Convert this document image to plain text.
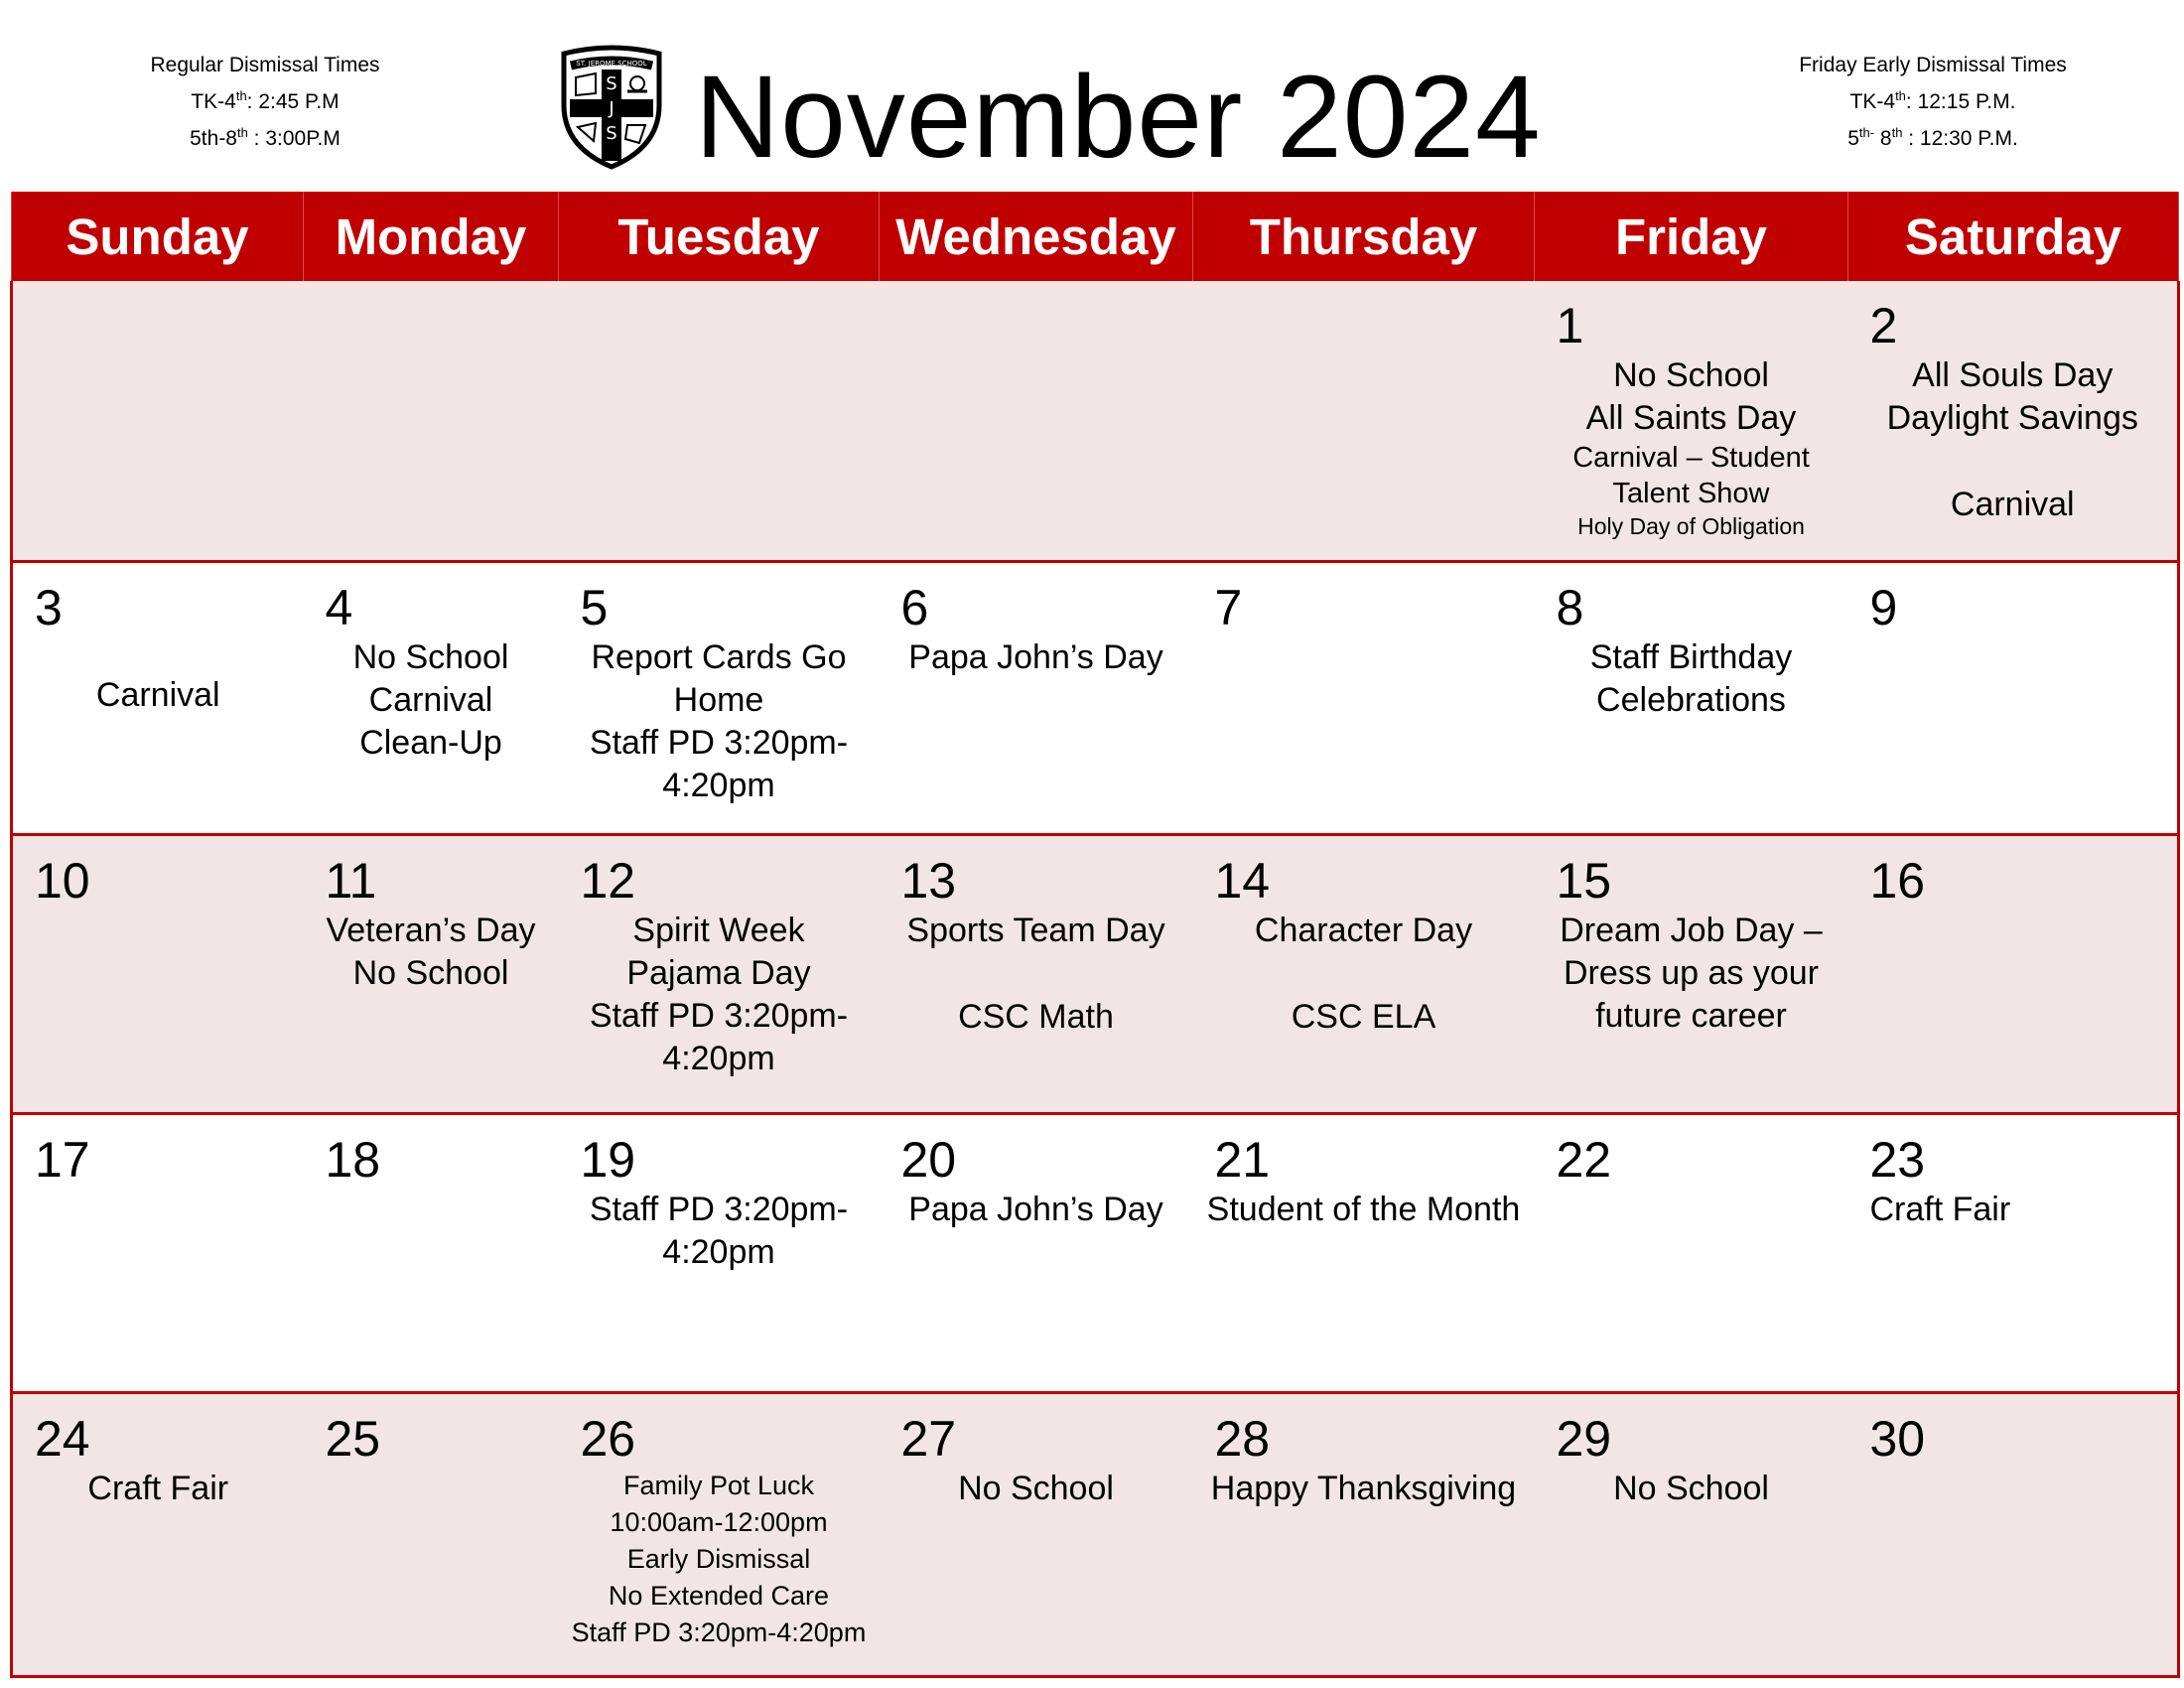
Regular Dismissal Times
TK-4th: 2:45 P.M
5th-8th : 3:00P.M
Friday Early Dismissal Times
TK-4th: 12:15 P.M.
$5^{th-}$ 8th : 12:30 P.M.
ST. JEROME SCHOOL
S
J
S November 2024
Sunday	Monday	Tuesday	Wednesday	Thursday	Friday	Saturday

					1
No School
All Saints Day
Carnival – Student Talent Show
Holy Day of Obligation	2
All Souls Day
Daylight Savings
Carnival

3
Carnival	4
No School
Carnival
Clean-Up	5
Report Cards Go Home
Staff PD 3:20pm-4:20pm	6
Papa John’s Day	7	8
Staff Birthday Celebrations	9

10	11
Veteran’s Day
No School	12
Spirit Week
Pajama Day
Staff PD 3:20pm-4:20pm	13
Sports Team Day
CSC Math	14
Character Day
CSC ELA	15
Dream Job Day – Dress up as your future career	16

17	18	19
Staff PD 3:20pm-4:20pm	20
Papa John’s Day	21
Student of the Month	22	23
Craft Fair

24
Craft Fair	25	26
Family Pot Luck 10:00am-12:00pm
Early Dismissal
No Extended Care
Staff PD 3:20pm-4:20pm	27
No School	28
Happy Thanksgiving	29
No School	30
